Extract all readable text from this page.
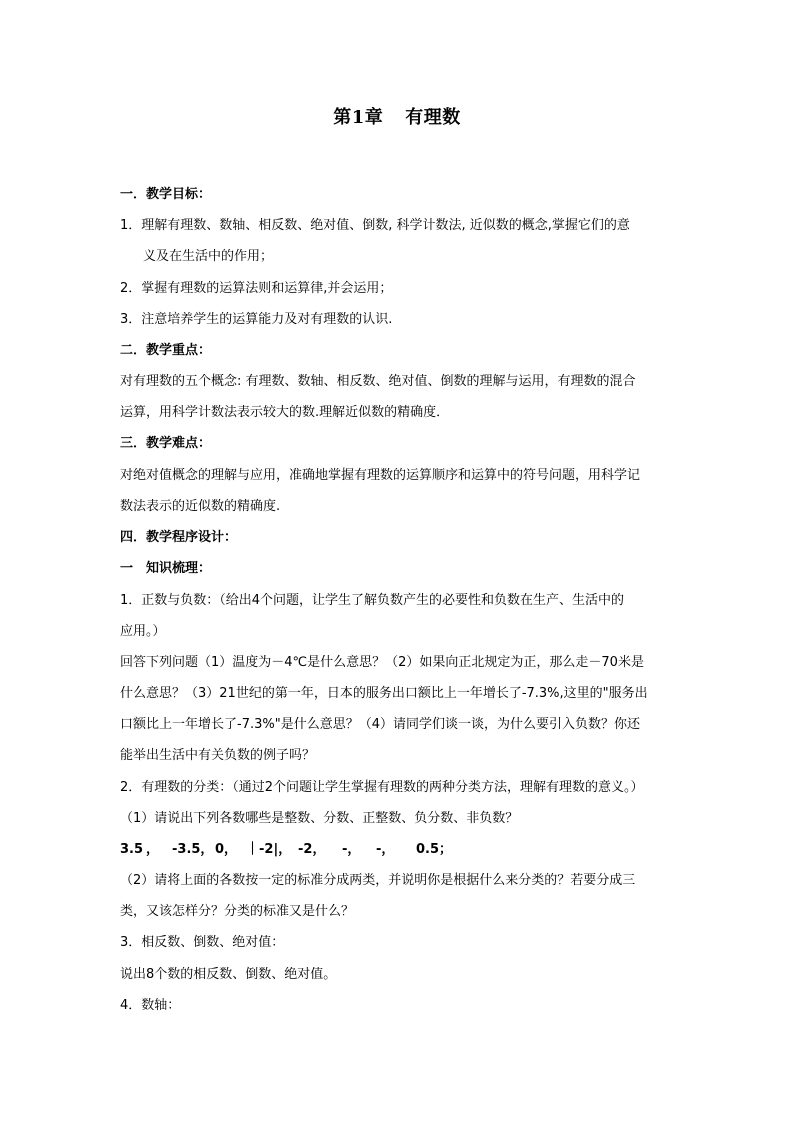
第1章 有理数
一．教学目标：
1．理解有理数、数轴、相反数、绝对值、倒数, 科学计数法, 近似数的概念,掌握它们的意
义及在生活中的作用；
2．掌握有理数的运算法则和运算律,并会运用；
3．注意培养学生的运算能力及对有理数的认识.
二．教学重点：
对有理数的五个概念: 有理数、数轴、相反数、绝对值、倒数的理解与运用，有理数的混合
运算，用科学计数法表示较大的数.理解近似数的精确度．
三．教学难点：
对绝对值概念的理解与应用，准确地掌握有理数的运算顺序和运算中的符号问题，用科学记
数法表示的近似数的精确度.
四．教学程序设计：
一　知识梳理：
1．正数与负数：（给出4个问题，让学生了解负数产生的必要性和负数在生产、生活中的
应用。）
回答下列问题（1）温度为－4℃是什么意思？（2）如果向正北规定为正，那么走－70米是
什么意思？（3）21世纪的第一年，日本的服务出口额比上一年增长了-7.3%,这里的"服务出
口额比上一年增长了-7.3%"是什么意思？（4）请同学们谈一谈，为什么要引入负数？你还
能举出生活中有关负数的例子吗？
2．有理数的分类：（通过2个问题让学生掌握有理数的两种分类方法，理解有理数的意义。）
（1）请说出下列各数哪些是整数、分数、正整数、负分数、非负数？
3.5 ， -3.5， 0， ｜-2|， -2， -， -， 0.5；
（2）请将上面的各数按一定的标准分成两类，并说明你是根据什么来分类的？若要分成三
类，又该怎样分？分类的标准又是什么？
3．相反数、倒数、绝对值：
说出8个数的相反数、倒数、绝对值。
4．数轴：
